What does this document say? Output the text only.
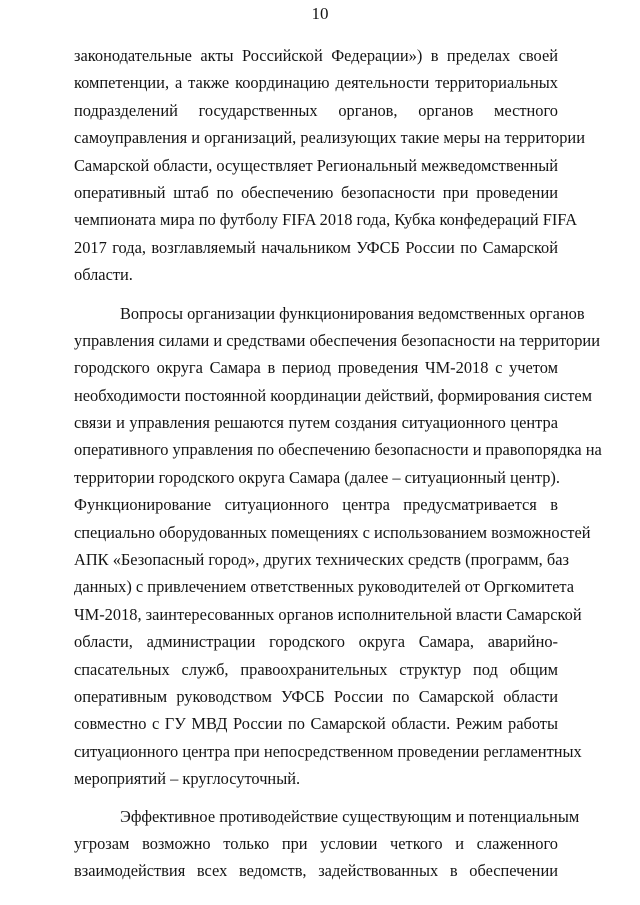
10
законодательные акты Российской Федерации») в пределах своей
компетенции, а также координацию деятельности территориальных
подразделений государственных органов, органов местного
самоуправления и организаций, реализующих такие меры на территории
Самарской области, осуществляет Региональный межведомственный
оперативный штаб по обеспечению безопасности при проведении
чемпионата мира по футболу FIFA 2018 года, Кубка конфедераций FIFA
2017 года, возглавляемый начальником УФСБ России по Самарской
области.
Вопросы организации функционирования ведомственных органов
управления силами и средствами обеспечения безопасности на территории
городского округа Самара в период проведения ЧМ-2018 с учетом
необходимости постоянной координации действий, формирования систем
связи и управления решаются путем создания ситуационного центра
оперативного управления по обеспечению безопасности и правопорядка на
территории городского округа Самара (далее – ситуационный центр).
Функционирование ситуационного центра предусматривается в
специально оборудованных помещениях с использованием возможностей
АПК «Безопасный город», других технических средств (программ, баз
данных) с привлечением ответственных руководителей от Оргкомитета
ЧМ-2018, заинтересованных органов исполнительной власти Самарской
области, администрации городского округа Самара, аварийно-
спасательных служб, правоохранительных структур под общим
оперативным руководством УФСБ России по Самарской области
совместно с ГУ МВД России по Самарской области. Режим работы
ситуационного центра при непосредственном проведении регламентных
мероприятий – круглосуточный.
Эффективное противодействие существующим и потенциальным
угрозам возможно только при условии четкого и слаженного
взаимодействия всех ведомств, задействованных в обеспечении
